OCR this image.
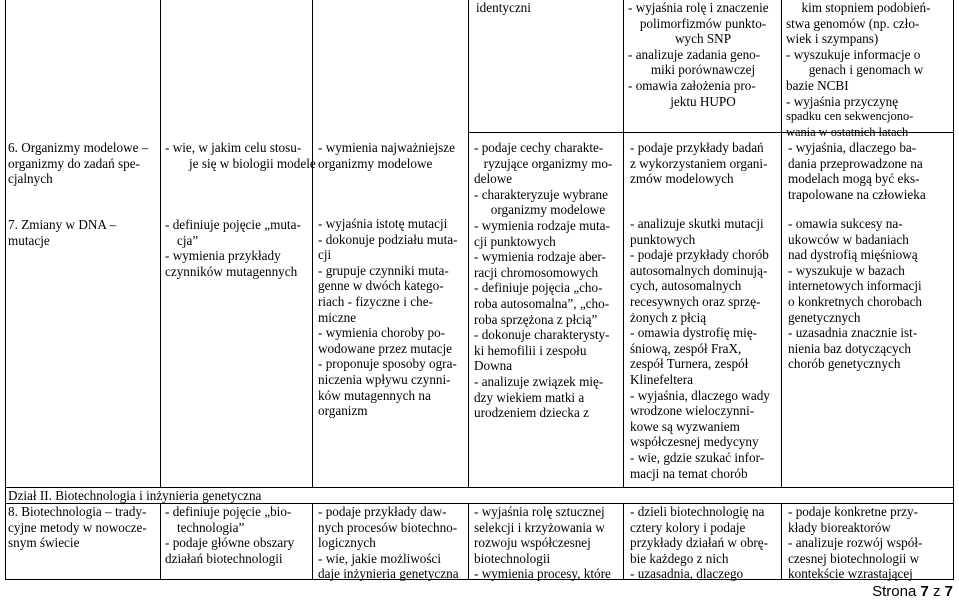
identyczni	- wyjaśnia rolę i znaczenie
polimorfizmów punkto-
wych SNP
- analizuje zadania geno-
miki porównawczej
- omawia założenia pro-
jektu HUPO
kim stopniem podobień-
stwa genomów (np. czło-
wiek i szympans)
- wyszukuje informacje o
genach i genomach w
bazie NCBI
- wyjaśnia przyczynę
spadku cen sekwencjono-
wania w ostatnich latach
6. Organizmy modelowe –
organizmy do zadań spe-
cjalnych
7. Zmiany w DNA –
mutacje
- wie, w jakim celu stosu-
je się w biologii modele
- definiuje pojęcie „muta-
cja”
- wymienia przykłady
czynników mutagennych
- wymienia najważniejsze
organizmy modelowe
- wyjaśnia istotę mutacji
- dokonuje podziału muta-
cji
- grupuje czynniki muta-
genne w dwóch katego-
riach - fizyczne i che-
miczne
- wymienia choroby po-
wodowane przez mutacje
- proponuje sposoby ogra-
niczenia wpływu czynni-
ków mutagennych na
organizm
- podaje cechy charakte-
ryzujące organizmy mo-
delowe
- charakteryzuje wybrane
organizmy modelowe
- wymienia rodzaje muta-
cji punktowych
- wymienia rodzaje aber-
racji chromosomowych
- definiuje pojęcia „cho-
roba autosomalna”, „cho-
roba sprzężona z płcią”
- dokonuje charakterysty-
ki hemofilii i zespołu
Downa
- analizuje związek mię-
dzy wiekiem matki a
urodzeniem dziecka z
- podaje przykłady badań
z wykorzystaniem organi-
zmów modelowych
- analizuje skutki mutacji
punktowych
- podaje przykłady chorób
autosomalnych dominują-
cych, autosomalnych
recesywnych oraz sprzę-
żonych z płcią
- omawia dystrofię mię-
śniową, zespół FraX,
zespół Turnera, zespół
Klinefeltera
- wyjaśnia, dlaczego wady
wrodzone wieloczynni-
kowe są wyzwaniem
współczesnej medycyny
- wie, gdzie szukać infor-
macji na temat chorób
- wyjaśnia, dlaczego ba-
dania przeprowadzone na
modelach mogą być eks-
trapolowane na człowieka
- omawia sukcesy na-
ukowców w badaniach
nad dystrofią mięśniową
- wyszukuje w bazach
internetowych informacji
o konkretnych chorobach
genetycznych
- uzasadnia znacznie ist-
nienia baz dotyczących
chorób genetycznych
Dział II. Biotechnologia i inżynieria genetyczna
8. Biotechnologia – trady-
cyjne metody w nowocze-
snym świecie
- definiuje pojęcie „bio-
technologia”
- podaje główne obszary
działań biotechnologii
- podaje przykłady daw-
nych procesów biotechno-
logicznych
- wie, jakie możliwości
daje inżynieria genetyczna
- wyjaśnia rolę sztucznej
selekcji i krzyżowania w
rozwoju współczesnej
biotechnologii
- wymienia procesy, które
- dzieli biotechnologię na
cztery kolory i podaje
przykłady działań w obrę-
bie każdego z nich
- uzasadnia, dlaczego
- podaje konkretne przy-
kłady bioreaktorów
- analizuje rozwój współ-
czesnej biotechnologii w
kontekście wzrastającej
Strona 7 z 7
